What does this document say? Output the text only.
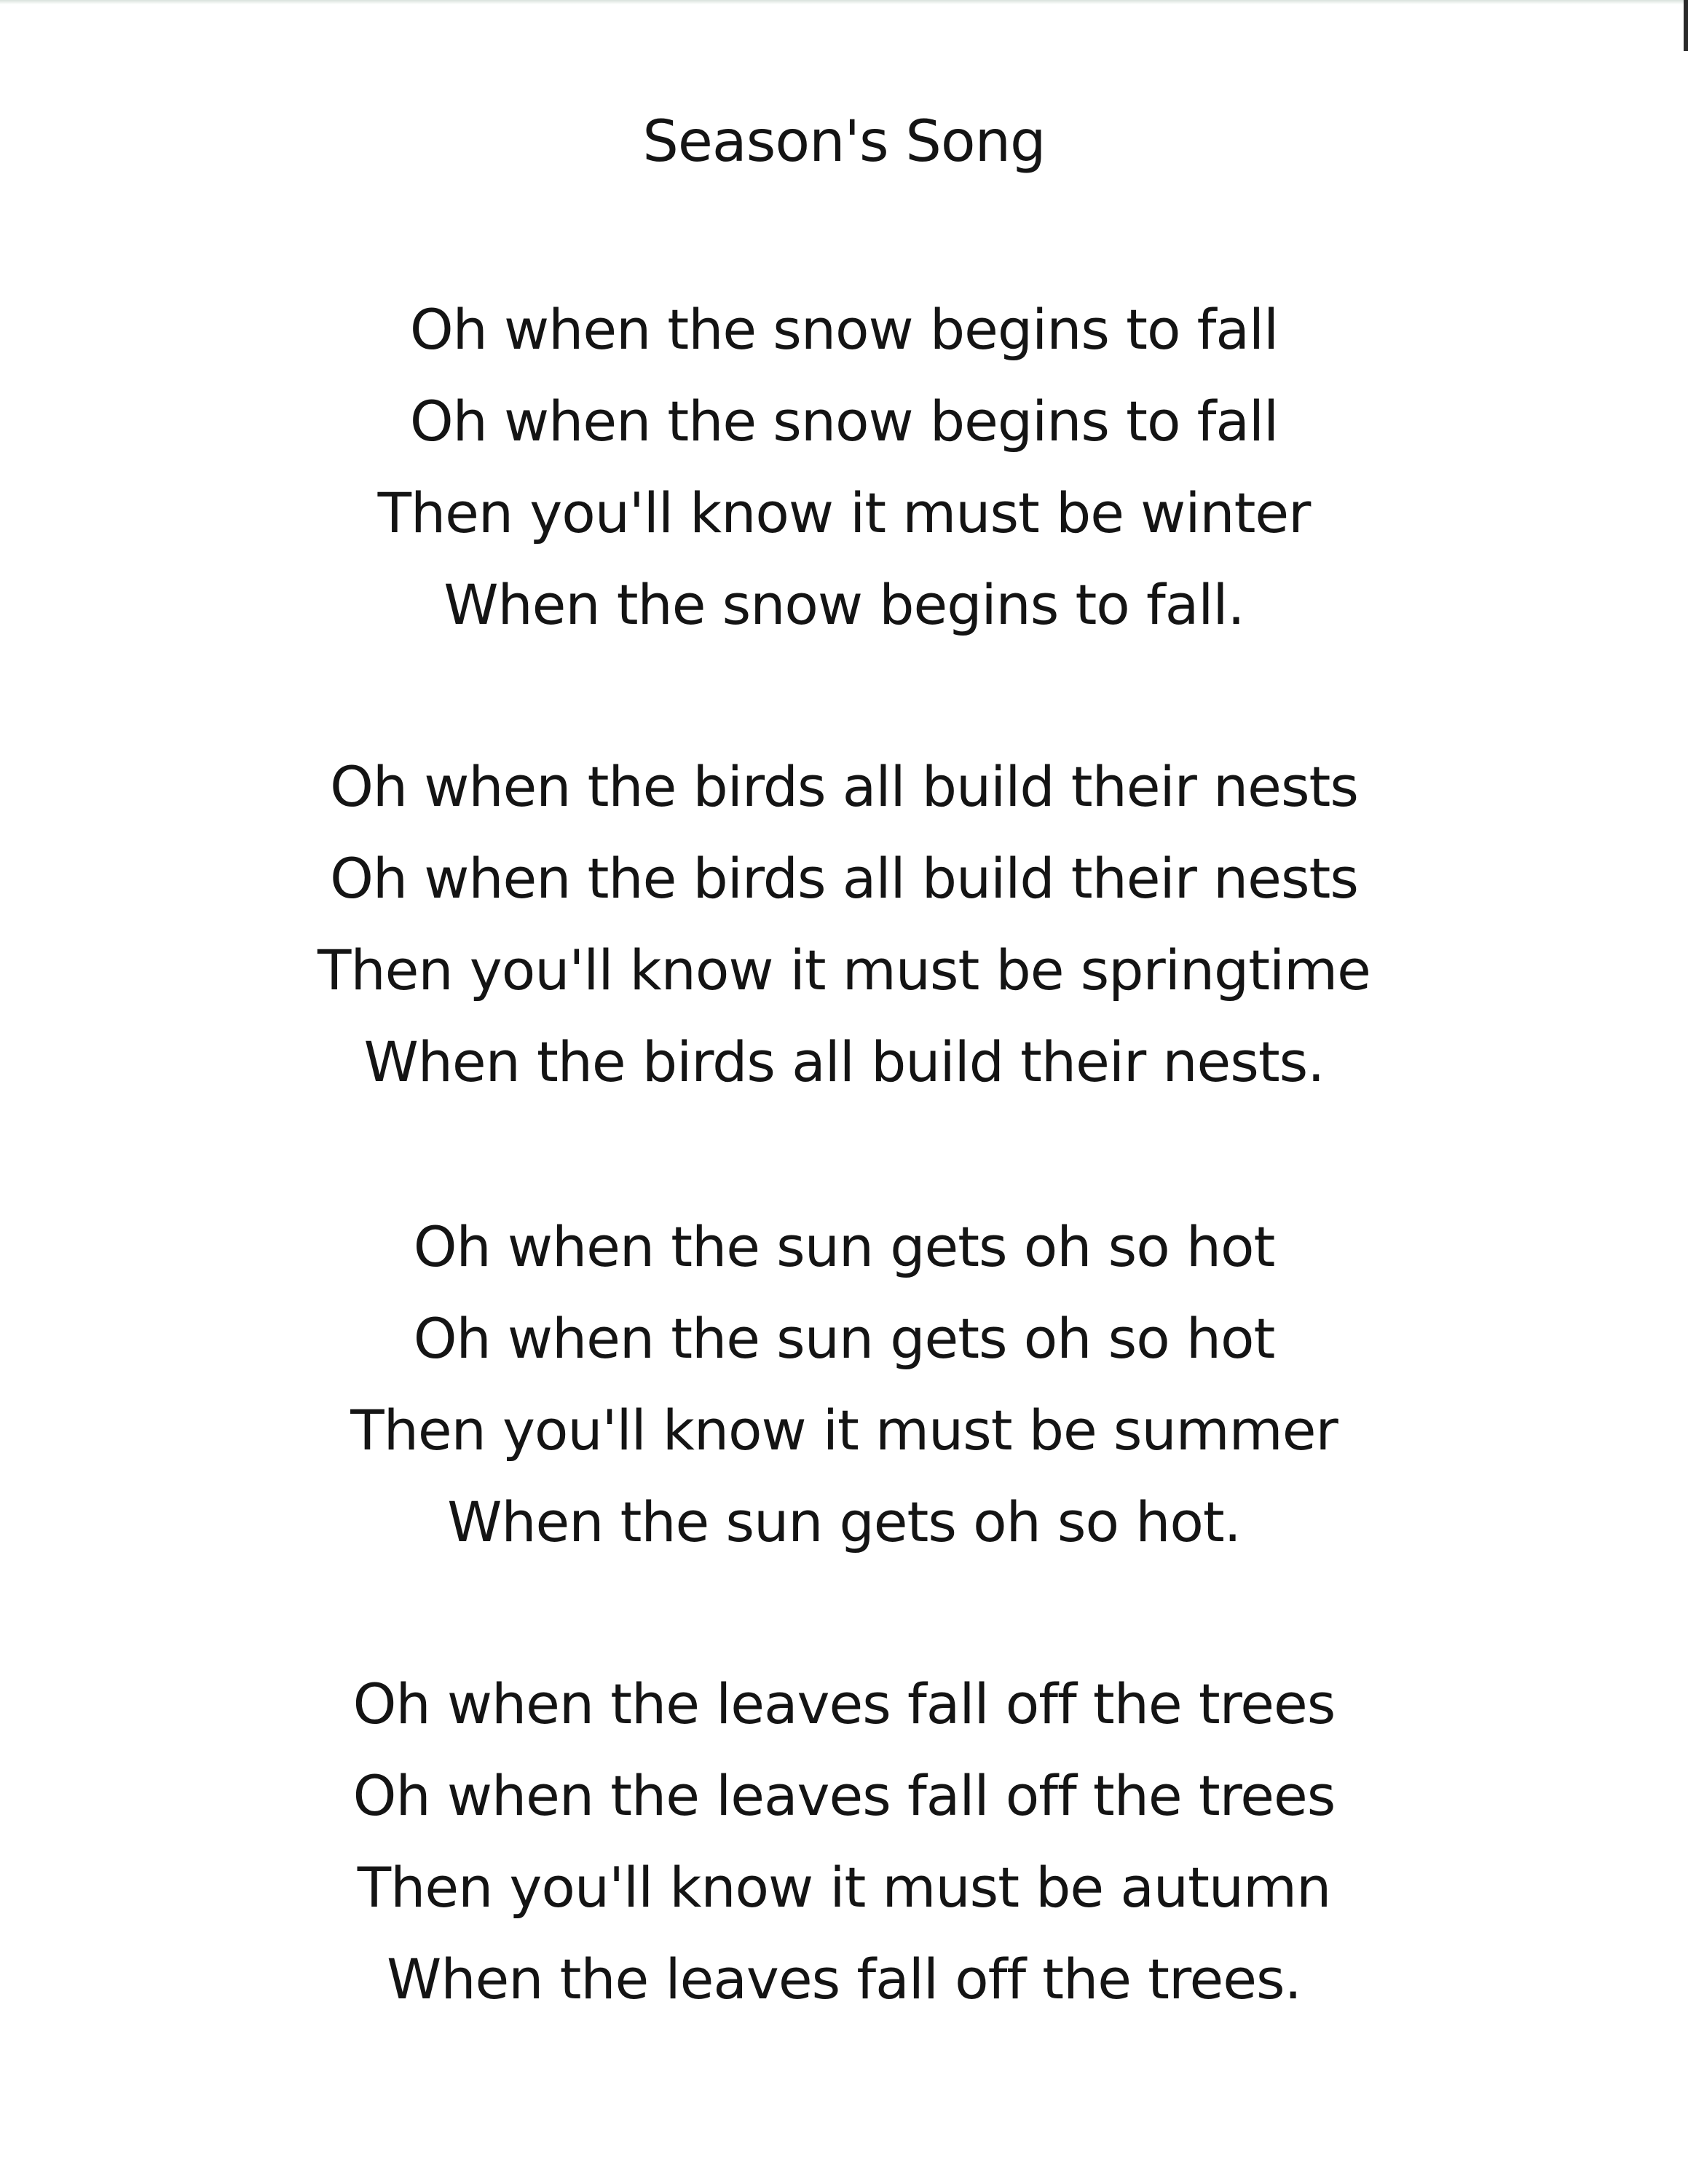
Season's Song
Oh when the snow begins to fall
Oh when the snow begins to fall
Then you'll know it must be winter
When the snow begins to fall.
Oh when the birds all build their nests
Oh when the birds all build their nests
Then you'll know it must be springtime
When the birds all build their nests.
Oh when the sun gets oh so hot
Oh when the sun gets oh so hot
Then you'll know it must be summer
When the sun gets oh so hot.
Oh when the leaves fall off the trees
Oh when the leaves fall off the trees
Then you'll know it must be autumn
When the leaves fall off the trees.
